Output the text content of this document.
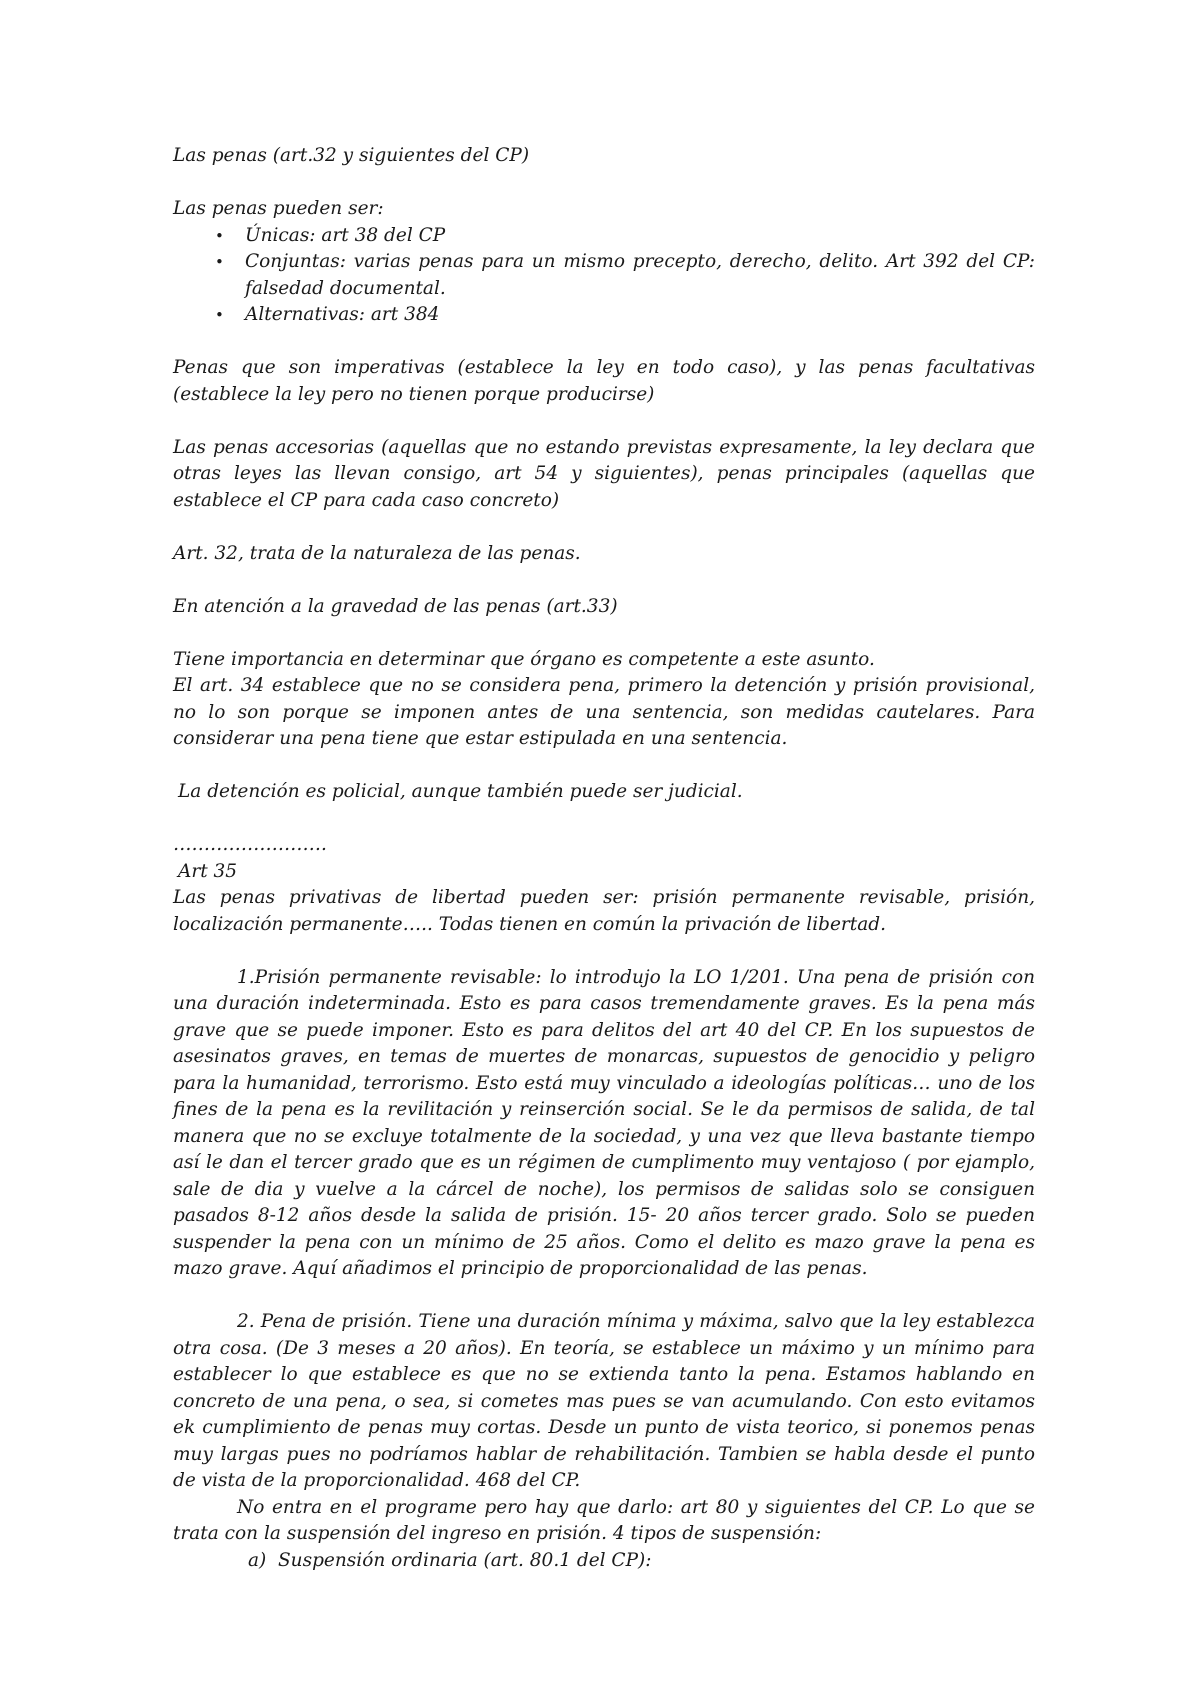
Las penas (art.32 y siguientes del CP)

Las penas pueden ser:

• Únicas: art 38 del CP
• Conjuntas: varias penas para un mismo precepto, derecho, delito. Art 392 del CP: falsedad documental.
• Alternativas: art 384

Penas que son imperativas (establece la ley en todo caso), y las penas facultativas (establece la ley pero no tienen porque producirse)

Las penas accesorias (aquellas que no estando previstas expresamente, la ley declara que otras leyes las llevan consigo, art 54 y siguientes), penas principales (aquellas que establece el CP para cada caso concreto)

Art. 32, trata de la naturaleza de las penas.

En atención a la gravedad de las penas (art.33)

Tiene importancia en determinar que órgano es competente a este asunto.

El art. 34 establece que no se considera pena, primero la detención y prisión provisional, no lo son porque se imponen antes de una sentencia, son medidas cautelares. Para considerar una pena tiene que estar estipulada en una sentencia.

La detención es policial, aunque también puede ser judicial.

…………………….

Art 35

Las penas privativas de libertad pueden ser: prisión permanente revisable, prisión, localización permanente….. Todas tienen en común la privación de libertad.

1.Prisión permanente revisable: lo introdujo la LO 1/201. Una pena de prisión con una duración indeterminada. Esto es para casos tremendamente graves. Es la pena más grave que se puede imponer. Esto es para delitos del art 40 del CP. En los supuestos de asesinatos graves, en temas de muertes de monarcas, supuestos de genocidio y peligro para la humanidad, terrorismo. Esto está muy vinculado a ideologías políticas… uno de los fines de la pena es la revilitación y reinserción social. Se le da permisos de salida, de tal manera que no se excluye totalmente de la sociedad, y una vez que lleva bastante tiempo así le dan el tercer grado que es un régimen de cumplimento muy ventajoso ( por ejamplo, sale de dia y vuelve a la cárcel de noche), los permisos de salidas solo se consiguen pasados 8-12 años desde la salida de prisión. 15- 20 años tercer grado. Solo se pueden suspender la pena con un mínimo de 25 años. Como el delito es mazo grave la pena es mazo grave. Aquí añadimos el principio de proporcionalidad de las penas.

2. Pena de prisión. Tiene una duración mínima y máxima, salvo que la ley establezca otra cosa. (De 3 meses a 20 años). En teoría, se establece un máximo y un mínimo para establecer lo que establece es que no se extienda tanto la pena. Estamos hablando en concreto de una pena, o sea, si cometes mas pues se van acumulando. Con esto evitamos ek cumplimiento de penas muy cortas. Desde un punto de vista teorico, si ponemos penas muy largas pues no podríamos hablar de rehabilitación. Tambien se habla desde el punto de vista de la proporcionalidad. 468 del CP.

No entra en el programe pero hay que darlo: art 80 y siguientes del CP. Lo que se trata con la suspensión del ingreso en prisión. 4 tipos de suspensión:

a) Suspensión ordinaria (art. 80.1 del CP):
